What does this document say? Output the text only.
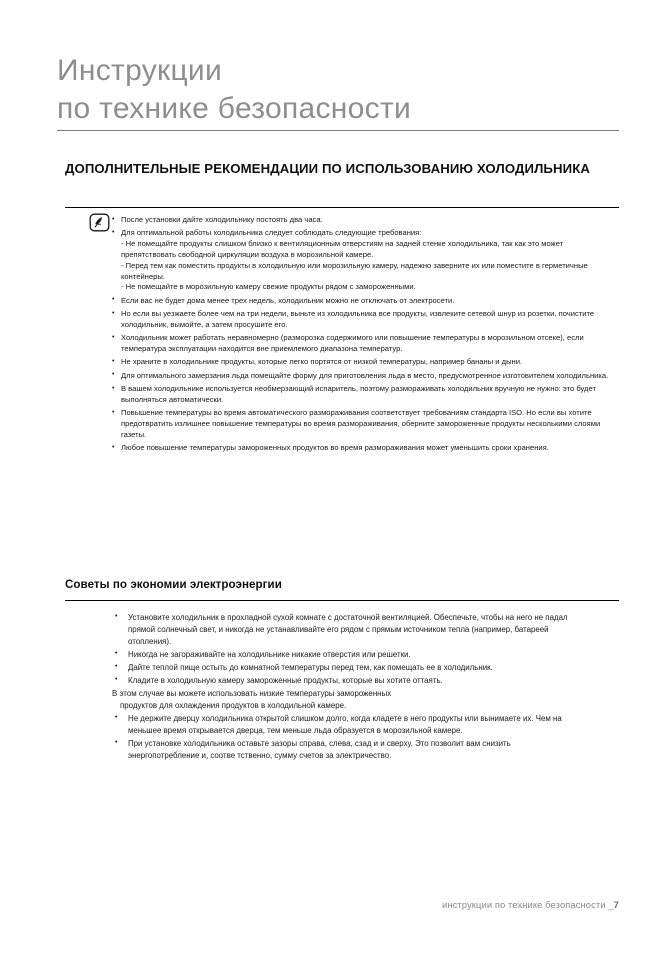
Инструкции
по технике безопасности
ДОПОЛНИТЕЛЬНЫЕ РЕКОМЕНДАЦИИ ПО ИСПОЛЬЗОВАНИЮ ХОЛОДИЛЬНИКА
• После установки дайте холодильнику постоять два часа.
• Для оптимальной работы холодильника следует соблюдать следующие требования:
- Не помещайте продукты слишком близко к вентиляционным отверстиям на задней стенке холодильника, так как это может препятствовать свободной циркуляции воздуха в морозильной камере.
- Перед тем как поместить продукты в холодильную или морозильную камеру, надежно заверните их или поместите в герметичные контейнеры.
- Не помещайте в морозильную камеру свежие продукты рядом с замороженными.
• Если вас не будет дома менее трех недель, холодильник можно не отключать от электросети.
• Но если вы уезжаете более чем на три недели, выньте из холодильника все продукты, извлеките сетевой шнур из розетки, почистите холодильник, вымойте, а затем просушите его.
• Холодильник может работать неравномерно (разморозка содержимого или повышение температуры в морозильном отсеке), если температура эксплуатации находится вне приемлемого диапазона температур.
• Не храните в холодильнике продукты, которые легко портятся от низкой температуры, например бананы и дыни.
• Для оптимального замерзания льда помещайте форму для приготовления льда в место, предусмотренное изготовителем холодильника.
• В вашем холодильнике используется необмерзающий испаритель, поэтому размораживать холодильник вручную не нужно: это будет выполняться автоматически.
• Повышение температуры во время автоматического размораживания соответствует требованиям стандарта ISO. Но если вы хотите предотвратить излишнее повышение температуры во время размораживания, оберните замороженные продукты несколькими слоями газеты.
• Любое повышение температуры замороженных продуктов во время размораживания может уменьшить сроки хранения.
Советы по экономии электроэнергии
• Установите холодильник в прохладной сухой комнате с достаточной вентиляцией. Обеспечьте, чтобы на него не падал прямой солнечный свет, и никогда не устанавливайте его рядом с прямым источником тепла (например, батареей отопления).
• Никогда не загораживайте на холодильнике никакие отверстия или решетки.
• Дайте теплой пище остыть до комнатной температуры перед тем, как помещать ее в холодильник.
• Кладите в холодильную камеру замороженные продукты, которые вы хотите оттаять.
В этом случае вы можете использовать низкие температуры замороженных
продуктов для охлаждения продуктов в холодильной камере.
• Не держите дверцу холодильника открытой слишком долго, когда кладете в него продукты или вынимаете их. Чем на меньшее время открывается дверца, тем меньше льда образуется в морозильной камере.
• При установке холодильника оставьте зазоры справа, слева, сзад и и сверху. Это позволит вам снизить энергопотребление и, соотве тственно, сумму счетов за электричество.
инструкции по технике безопасности _7
